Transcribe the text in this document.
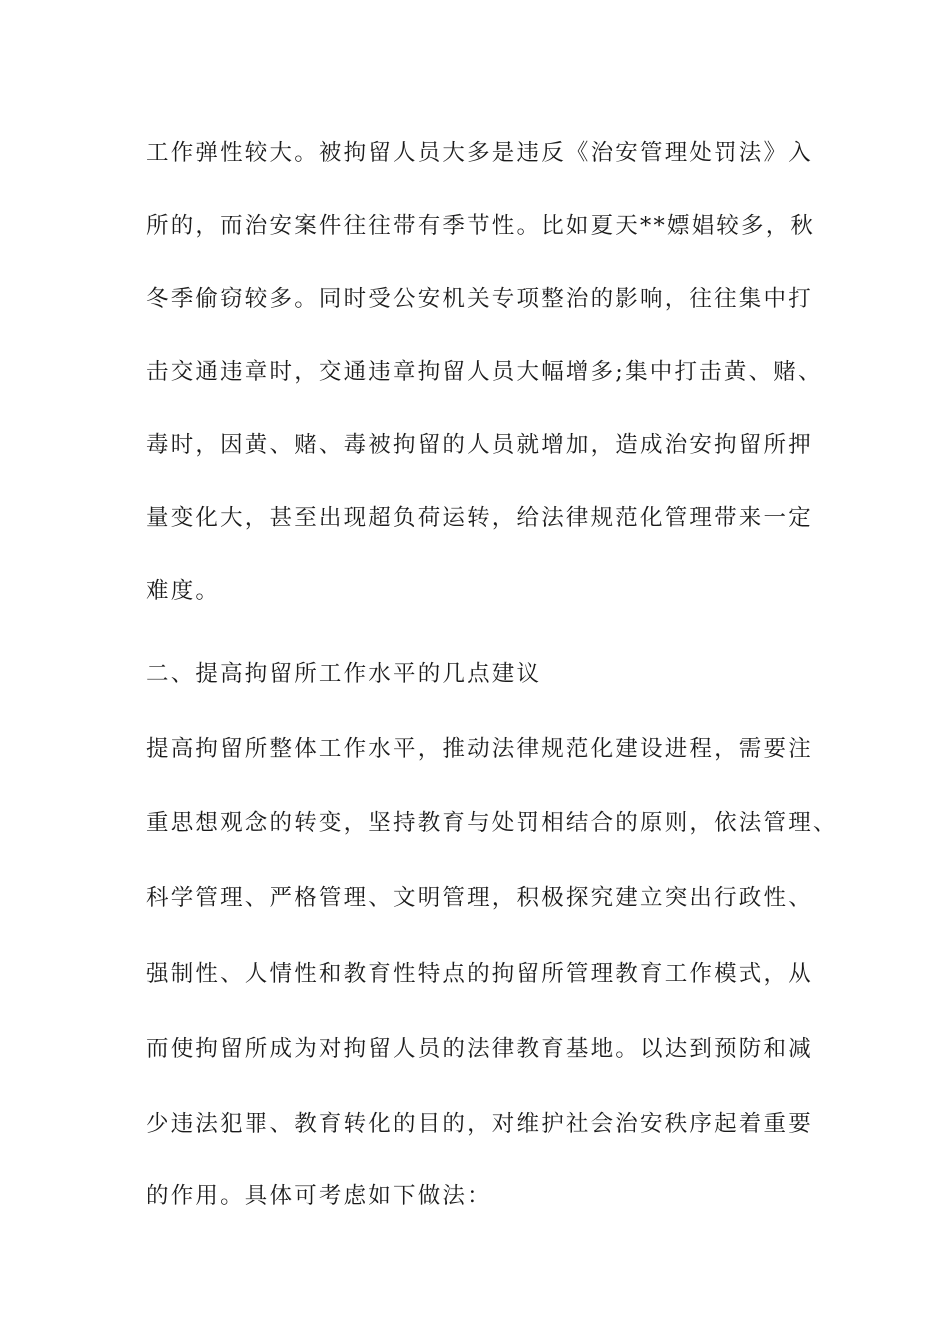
工作弹性较大。被拘留人员大多是违反《治安管理处罚法》入
所的，而治安案件往往带有季节性。比如夏天**嫖娼较多，秋
冬季偷窃较多。同时受公安机关专项整治的影响，往往集中打
击交通违章时，交通违章拘留人员大幅增多;集中打击黄、赌、
毒时，因黄、赌、毒被拘留的人员就增加，造成治安拘留所押
量变化大，甚至出现超负荷运转，给法律规范化管理带来一定
难度。
二、提高拘留所工作水平的几点建议
提高拘留所整体工作水平，推动法律规范化建设进程，需要注
重思想观念的转变，坚持教育与处罚相结合的原则，依法管理、
科学管理、严格管理、文明管理，积极探究建立突出行政性、
强制性、人情性和教育性特点的拘留所管理教育工作模式，从
而使拘留所成为对拘留人员的法律教育基地。以达到预防和减
少违法犯罪、教育转化的目的，对维护社会治安秩序起着重要
的作用。具体可考虑如下做法：
